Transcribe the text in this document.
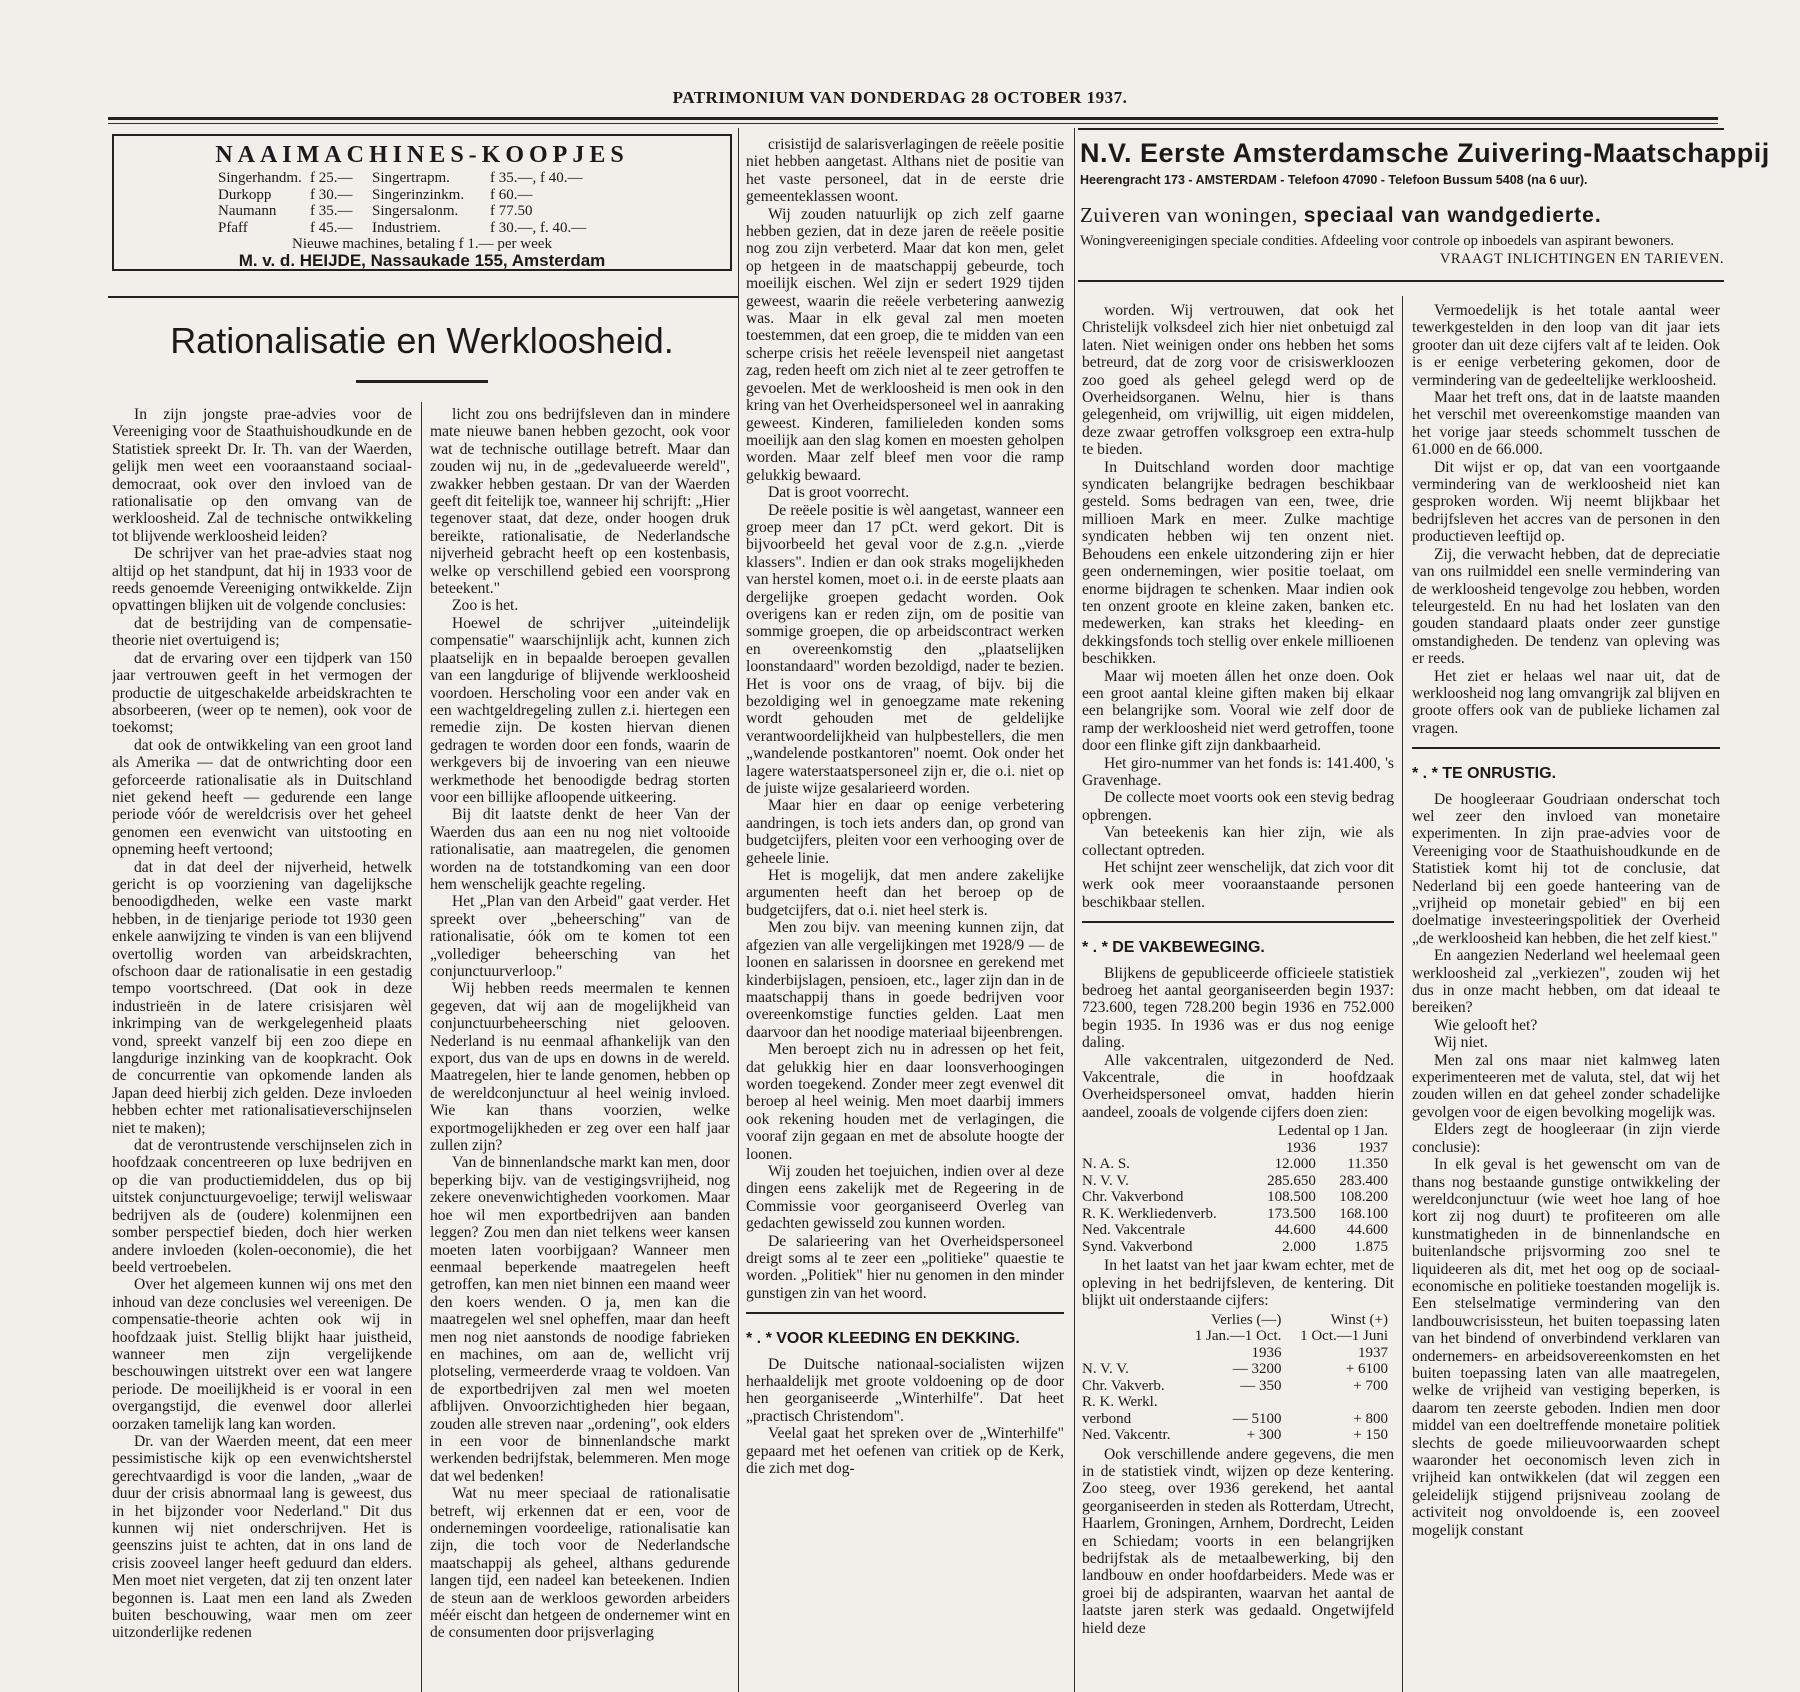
PATRIMONIUM VAN DONDERDAG 28 OCTOBER 1937.
NAAIMACHINES-KOOPJES
Singerhandm.	f 25.—	Singertrapm.	f 35.—, f 40.—
Durkopp	f 30.—	Singerinzinkm.	f 60.—
Naumann	f 35.—	Singersalonm.	f 77.50
Pfaff	f 45.—	Industriem.	f 30.—, f. 40.—
Nieuwe machines, betaling f 1.— per week
M. v. d. HEIJDE, Nassaukade 155, Amsterdam
N.V. Eerste Amsterdamsche Zuivering-Maatschappij
Heerengracht 173 - AMSTERDAM - Telefoon 47090 - Telefoon Bussum 5408 (na 6 uur).
Zuiveren van woningen, speciaal van wandgedierte.
Woningvereenigingen speciale condities. Afdeeling voor controle op inboedels van aspirant bewoners.
VRAAGT INLICHTINGEN EN TARIEVEN.
Rationalisatie en Werkloosheid.

In zijn jongste prae-advies voor de Vereeniging voor de Staathuishoudkunde en de Statistiek spreekt Dr. Ir. Th. van der Waerden, gelijk men weet een vooraanstaand sociaal-democraat, ook over den invloed van de rationalisatie op den omvang van de werkloosheid. Zal de technische ontwikkeling tot blijvende werkloosheid leiden?

De schrijver van het prae-advies staat nog altijd op het standpunt, dat hij in 1933 voor de reeds genoemde Vereeniging ontwikkelde. Zijn opvattingen blijken uit de volgende conclusies:

dat de bestrijding van de compensatie-theorie niet overtuigend is;

dat de ervaring over een tijdperk van 150 jaar vertrouwen geeft in het vermogen der productie de uitgeschakelde arbeidskrachten te absorbeeren, (weer op te nemen), ook voor de toekomst;

dat ook de ontwikkeling van een groot land als Amerika — dat de ontwrichting door een geforceerde rationalisatie als in Duitschland niet gekend heeft — gedurende een lange periode vóór de wereldcrisis over het geheel genomen een evenwicht van uitstooting en opneming heeft vertoond;

dat in dat deel der nijverheid, hetwelk gericht is op voorziening van dagelijksche benoodigdheden, welke een vaste markt hebben, in de tienjarige periode tot 1930 geen enkele aanwijzing te vinden is van een blijvend overtollig worden van arbeidskrachten, ofschoon daar de rationalisatie in een gestadig tempo voortschreed. (Dat ook in deze industrieën in de latere crisisjaren wèl inkrimping van de werkgelegenheid plaats vond, spreekt vanzelf bij een zoo diepe en langdurige inzinking van de koopkracht. Ook de concurrentie van opkomende landen als Japan deed hierbij zich gelden. Deze invloeden hebben echter met rationalisatieverschijnselen niet te maken);

dat de verontrustende verschijnselen zich in hoofdzaak concentreeren op luxe bedrijven en op die van productiemiddelen, dus op bij uitstek conjunctuurgevoelige; terwijl weliswaar bedrijven als de (oudere) kolenmijnen een somber perspectief bieden, doch hier werken andere invloeden (kolen-oeconomie), die het beeld vertroebelen.

Over het algemeen kunnen wij ons met den inhoud van deze conclusies wel vereenigen. De compensatie-theorie achten ook wij in hoofdzaak juist. Stellig blijkt haar juistheid, wanneer men zijn vergelijkende beschouwingen uitstrekt over een wat langere periode. De moeilijkheid is er vooral in een overgangstijd, die evenwel door allerlei oorzaken tamelijk lang kan worden.

Dr. van der Waerden meent, dat een meer pessimistische kijk op een evenwichtsherstel gerechtvaardigd is voor die landen, „waar de duur der crisis abnormaal lang is geweest, dus in het bijzonder voor Nederland." Dit dus kunnen wij niet onderschrijven. Het is geenszins juist te achten, dat in ons land de crisis zooveel langer heeft geduurd dan elders. Men moet niet vergeten, dat zij ten onzent later begonnen is. Laat men een land als Zweden buiten beschouwing, waar men om zeer uitzonderlijke redenen

licht zou ons bedrijfsleven dan in mindere mate nieuwe banen hebben gezocht, ook voor wat de technische outillage betreft. Maar dan zouden wij nu, in de „gedevalueerde wereld", zwakker hebben gestaan. Dr van der Waerden geeft dit feitelijk toe, wanneer hij schrijft: „Hier tegenover staat, dat deze, onder hoogen druk bereikte, rationalisatie, de Nederlandsche nijverheid gebracht heeft op een kostenbasis, welke op verschillend gebied een voorsprong beteekent."

Zoo is het.

Hoewel de schrijver „uiteindelijk compensatie" waarschijnlijk acht, kunnen zich plaatselijk en in bepaalde beroepen gevallen van een langdurige of blijvende werkloosheid voordoen. Herscholing voor een ander vak en een wachtgeldregeling zullen z.i. hiertegen een remedie zijn. De kosten hiervan dienen gedragen te worden door een fonds, waarin de werkgevers bij de invoering van een nieuwe werkmethode het benoodigde bedrag storten voor een billijke afloopende uitkeering.

Bij dit laatste denkt de heer Van der Waerden dus aan een nu nog niet voltooide rationalisatie, aan maatregelen, die genomen worden na de totstandkoming van een door hem wenschelijk geachte regeling.

Het „Plan van den Arbeid" gaat verder. Het spreekt over „beheersching" van de rationalisatie, óók om te komen tot een „vollediger beheersching van het conjunctuurverloop."

Wij hebben reeds meermalen te kennen gegeven, dat wij aan de mogelijkheid van conjunctuurbeheersching niet gelooven. Nederland is nu eenmaal afhankelijk van den export, dus van de ups en downs in de wereld. Maatregelen, hier te lande genomen, hebben op de wereldconjunctuur al heel weinig invloed. Wie kan thans voorzien, welke exportmogelijkheden er zeg over een half jaar zullen zijn?

Van de binnenlandsche markt kan men, door beperking bijv. van de vestigingsvrijheid, nog zekere onevenwichtigheden voorkomen. Maar hoe wil men exportbedrijven aan banden leggen? Zou men dan niet telkens weer kansen moeten laten voorbijgaan? Wanneer men eenmaal beperkende maatregelen heeft getroffen, kan men niet binnen een maand weer den koers wenden. O ja, men kan die maatregelen wel snel opheffen, maar dan heeft men nog niet aanstonds de noodige fabrieken en machines, om aan de, wellicht vrij plotseling, vermeerderde vraag te voldoen. Van de exportbedrijven zal men wel moeten afblijven. Onvoorzichtigheden hier begaan, zouden alle streven naar „ordening", ook elders in een voor de binnenlandsche markt werkenden bedrijfstak, belemmeren. Men moge dat wel bedenken!

Wat nu meer speciaal de rationalisatie betreft, wij erkennen dat er een, voor de ondernemingen voordeelige, rationalisatie kan zijn, die toch voor de Nederlandsche maatschappij als geheel, althans gedurende langen tijd, een nadeel kan beteekenen. Indien de steun aan de werkloos geworden arbeiders méér eischt dan hetgeen de ondernemer wint en de consumenten door prijsverlaging

crisistijd de salarisverlagingen de reëele positie niet hebben aangetast. Althans niet de positie van het vaste personeel, dat in de eerste drie gemeenteklassen woont.

Wij zouden natuurlijk op zich zelf gaarne hebben gezien, dat in deze jaren de reëele positie nog zou zijn verbeterd. Maar dat kon men, gelet op hetgeen in de maatschappij gebeurde, toch moeilijk eischen. Wel zijn er sedert 1929 tijden geweest, waarin die reëele verbetering aanwezig was. Maar in elk geval zal men moeten toestemmen, dat een groep, die te midden van een scherpe crisis het reëele levenspeil niet aangetast zag, reden heeft om zich niet al te zeer getroffen te gevoelen. Met de werkloosheid is men ook in den kring van het Overheidspersoneel wel in aanraking geweest. Kinderen, familieleden konden soms moeilijk aan den slag komen en moesten geholpen worden. Maar zelf bleef men voor die ramp gelukkig bewaard.

Dat is groot voorrecht.

De reëele positie is wèl aangetast, wanneer een groep meer dan 17 pCt. werd gekort. Dit is bijvoorbeeld het geval voor de z.g.n. „vierde klassers". Indien er dan ook straks mogelijkheden van herstel komen, moet o.i. in de eerste plaats aan dergelijke groepen gedacht worden. Ook overigens kan er reden zijn, om de positie van sommige groepen, die op arbeidscontract werken en overeenkomstig den „plaatselijken loonstandaard" worden bezoldigd, nader te bezien. Het is voor ons de vraag, of bijv. bij die bezoldiging wel in genoegzame mate rekening wordt gehouden met de geldelijke verantwoordelijkheid van hulpbestellers, die men „wandelende postkantoren" noemt. Ook onder het lagere waterstaatspersoneel zijn er, die o.i. niet op de juiste wijze gesalarieerd worden.

Maar hier en daar op eenige verbetering aandringen, is toch iets anders dan, op grond van budgetcijfers, pleiten voor een verhooging over de geheele linie.

Het is mogelijk, dat men andere zakelijke argumenten heeft dan het beroep op de budgetcijfers, dat o.i. niet heel sterk is.

Men zou bijv. van meening kunnen zijn, dat afgezien van alle vergelijkingen met 1928/9 — de loonen en salarissen in doorsnee en gerekend met kinderbijslagen, pensioen, etc., lager zijn dan in de maatschappij thans in goede bedrijven voor overeenkomstige functies gelden. Laat men daarvoor dan het noodige materiaal bijeenbrengen.

Men beroept zich nu in adressen op het feit, dat gelukkig hier en daar loonsverhoogingen worden toegekend. Zonder meer zegt evenwel dit beroep al heel weinig. Men moet daarbij immers ook rekening houden met de verlagingen, die vooraf zijn gegaan en met de absolute hoogte der loonen.

Wij zouden het toejuichen, indien over al deze dingen eens zakelijk met de Regeering in de Commissie voor georganiseerd Overleg van gedachten gewisseld zou kunnen worden.

De salarieering van het Overheidspersoneel dreigt soms al te zeer een „politieke" quaestie te worden. „Politiek" hier nu genomen in den minder gunstigen zin van het woord.

* . * VOOR KLEEDING EN DEKKING.

De Duitsche nationaal-socialisten wijzen herhaaldelijk met groote voldoening op de door hen georganiseerde „Winterhilfe". Dat heet „practisch Christendom".

Veelal gaat het spreken over de „Winterhilfe" gepaard met het oefenen van critiek op de Kerk, die zich met dog-

worden. Wij vertrouwen, dat ook het Christelijk volksdeel zich hier niet onbetuigd zal laten. Niet weinigen onder ons hebben het soms betreurd, dat de zorg voor de crisiswerkloozen zoo goed als geheel gelegd werd op de Overheidsorganen. Welnu, hier is thans gelegenheid, om vrijwillig, uit eigen middelen, deze zwaar getroffen volksgroep een extra-hulp te bieden.

In Duitschland worden door machtige syndicaten belangrijke bedragen beschikbaar gesteld. Soms bedragen van een, twee, drie millioen Mark en meer. Zulke machtige syndicaten hebben wij ten onzent niet. Behoudens een enkele uitzondering zijn er hier geen ondernemingen, wier positie toelaat, om enorme bijdragen te schenken. Maar indien ook ten onzent groote en kleine zaken, banken etc. medewerken, kan straks het kleeding- en dekkingsfonds toch stellig over enkele millioenen beschikken.

Maar wij moeten állen het onze doen. Ook een groot aantal kleine giften maken bij elkaar een belangrijke som. Vooral wie zelf door de ramp der werkloosheid niet werd getroffen, toone door een flinke gift zijn dankbaarheid.

Het giro-nummer van het fonds is: 141.400, 's Gravenhage.

De collecte moet voorts ook een stevig bedrag opbrengen.

Van beteekenis kan hier zijn, wie als collectant optreden.

Het schijnt zeer wenschelijk, dat zich voor dit werk ook meer vooraanstaande personen beschikbaar stellen.

* . * DE VAKBEWEGING.

Blijkens de gepubliceerde officieele statistiek bedroeg het aantal georganiseerden begin 1937: 723.600, tegen 728.200 begin 1936 en 752.000 begin 1935. In 1936 was er dus nog eenige daling.

Alle vakcentralen, uitgezonderd de Ned. Vakcentrale, die in hoofdzaak Overheidspersoneel omvat, hadden hierin aandeel, zooals de volgende cijfers doen zien:

	Ledental op 1 Jan.	
	1936	1937
N. A. S.	12.000	11.350
N. V. V.	285.650	283.400
Chr. Vakverbond	108.500	108.200
R. K. Werkliedenverb.	173.500	168.100
Ned. Vakcentrale	44.600	44.600
Synd. Vakverbond	2.000	1.875

In het laatst van het jaar kwam echter, met de opleving in het bedrijfsleven, de kentering. Dit blijkt uit onderstaande cijfers:

	Verlies (—)	Winst (+)
	1 Jan.—1 Oct.	1 Oct.—1 Juni
	1936	1937
N. V. V.	— 3200	+ 6100
Chr. Vakverb.	— 350	+ 700
R. K. Werkl.		
verbond	— 5100	+ 800
Ned. Vakcentr.	+ 300	+ 150

Ook verschillende andere gegevens, die men in de statistiek vindt, wijzen op deze kentering. Zoo steeg, over 1936 gerekend, het aantal georganiseerden in steden als Rotterdam, Utrecht, Haarlem, Groningen, Arnhem, Dordrecht, Leiden en Schiedam; voorts in een belangrijken bedrijfstak als de metaalbewerking, bij den landbouw en onder hoofdarbeiders. Mede was er groei bij de adspiranten, waarvan het aantal de laatste jaren sterk was gedaald. Ongetwijfeld hield deze

Vermoedelijk is het totale aantal weer tewerkgestelden in den loop van dit jaar iets grooter dan uit deze cijfers valt af te leiden. Ook is er eenige verbetering gekomen, door de vermindering van de gedeeltelijke werkloosheid.

Maar het treft ons, dat in de laatste maanden het verschil met overeenkomstige maanden van het vorige jaar steeds schommelt tusschen de 61.000 en de 66.000.

Dit wijst er op, dat van een voortgaande vermindering van de werkloosheid niet kan gesproken worden. Wij neemt blijkbaar het bedrijfsleven het accres van de personen in den productieven leeftijd op.

Zij, die verwacht hebben, dat de depreciatie van ons ruilmiddel een snelle vermindering van de werkloosheid tengevolge zou hebben, worden teleurgesteld. En nu had het loslaten van den gouden standaard plaats onder zeer gunstige omstandigheden. De tendenz van opleving was er reeds.

Het ziet er helaas wel naar uit, dat de werkloosheid nog lang omvangrijk zal blijven en groote offers ook van de publieke lichamen zal vragen.

* . * TE ONRUSTIG.

De hoogleeraar Goudriaan onderschat toch wel zeer den invloed van monetaire experimenten. In zijn prae-advies voor de Vereeniging voor de Staathuishoudkunde en de Statistiek komt hij tot de conclusie, dat Nederland bij een goede hanteering van de „vrijheid op monetair gebied" en bij een doelmatige investeeringspolitiek der Overheid „de werkloosheid kan hebben, die het zelf kiest."

En aangezien Nederland wel heelemaal geen werkloosheid zal „verkiezen", zouden wij het dus in onze macht hebben, om dat ideaal te bereiken?

Wie gelooft het?

Wij niet.

Men zal ons maar niet kalmweg laten experimenteeren met de valuta, stel, dat wij het zouden willen en dat geheel zonder schadelijke gevolgen voor de eigen bevolking mogelijk was.

Elders zegt de hoogleeraar (in zijn vierde conclusie):

In elk geval is het gewenscht om van de thans nog bestaande gunstige ontwikkeling der wereldconjunctuur (wie weet hoe lang of hoe kort zij nog duurt) te profiteeren om alle kunstmatigheden in de binnenlandsche en buitenlandsche prijsvorming zoo snel te liquideeren als dit, met het oog op de sociaal-economische en politieke toestanden mogelijk is. Een stelselmatige vermindering van den landbouwcrisissteun, het buiten toepassing laten van het bindend of onverbindend verklaren van ondernemers- en arbeidsovereenkomsten en het buiten toepassing laten van alle maatregelen, welke de vrijheid van vestiging beperken, is daarom ten zeerste geboden. Indien men door middel van een doeltreffende monetaire politiek slechts de goede milieuvoorwaarden schept waaronder het oeconomisch leven zich in vrijheid kan ontwikkelen (dat wil zeggen een geleidelijk stijgend prijsniveau zoolang de activiteit nog onvoldoende is, een zooveel mogelijk constant
